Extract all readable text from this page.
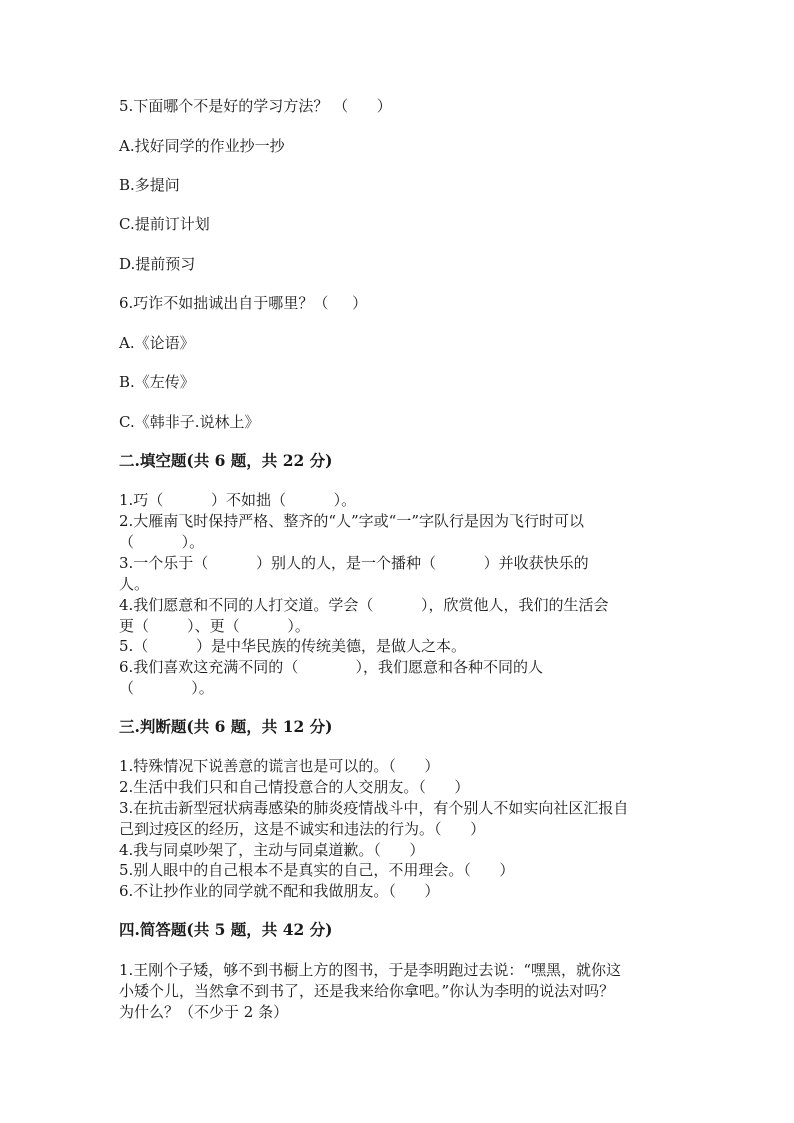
5.下面哪个不是好的学习方法？ （      ）
A.找好同学的作业抄一抄
B.多提问
C.提前订计划
D.提前预习
6.巧诈不如拙诚出自于哪里？（     ）
A.《论语》
B.《左传》
C.《韩非子.说林上》
二.填空题(共 6 题，共 22 分)
1.巧（          ）不如拙（          ）。
2.大雁南飞时保持严格、整齐的“人”字或“一”字队行是因为飞行时可以
（          ）。
3.一个乐于（          ）别人的人，是一个播种（          ）并收获快乐的
人。
4.我们愿意和不同的人打交道。学会（          ），欣赏他人，我们的生活会
更（        ）、更（          ）。
5.（          ）是中华民族的传统美德，是做人之本。
6.我们喜欢这充满不同的（            ），我们愿意和各种不同的人
（            ）。
三.判断题(共 6 题，共 12 分)
1.特殊情况下说善意的谎言也是可以的。（      ）
2.生活中我们只和自己情投意合的人交朋友。（      ）
3.在抗击新型冠状病毒感染的肺炎疫情战斗中，有个别人不如实向社区汇报自
己到过疫区的经历，这是不诚实和违法的行为。（      ）
4.我与同桌吵架了，主动与同桌道歉。（      ）
5.别人眼中的自己根本不是真实的自己，不用理会。（      ）
6.不让抄作业的同学就不配和我做朋友。（      ）
四.简答题(共 5 题，共 42 分)
1.王刚个子矮，够不到书橱上方的图书，于是李明跑过去说：“嘿黑，就你这
小矮个儿，当然拿不到书了，还是我来给你拿吧。”你认为李明的说法对吗？
为什么？（不少于 2 条）
